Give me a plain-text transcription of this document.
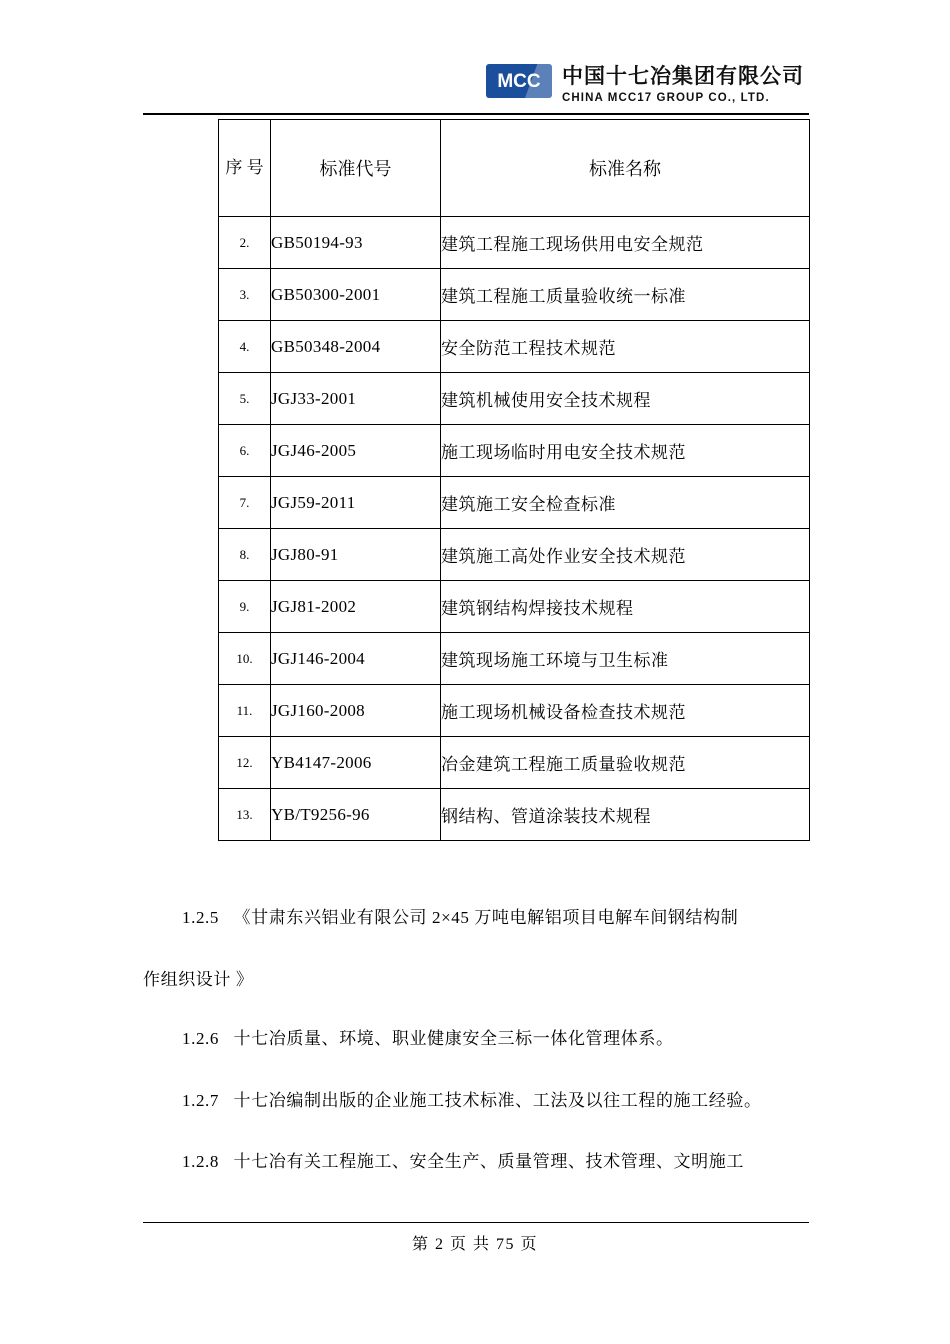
MCC 中国十七冶集团有限公司
CHINA MCC17 GROUP CO., LTD.
序 号	标准代号	标准名称
2.	GB50194-93	建筑工程施工现场供用电安全规范
3.	GB50300-2001	建筑工程施工质量验收统一标准
4.	GB50348-2004	安全防范工程技术规范
5.	JGJ33-2001	建筑机械使用安全技术规程
6.	JGJ46-2005	施工现场临时用电安全技术规范
7.	JGJ59-2011	建筑施工安全检查标准
8.	JGJ80-91	建筑施工高处作业安全技术规范
9.	JGJ81-2002	建筑钢结构焊接技术规程
10.	JGJ146-2004	建筑现场施工环境与卫生标准
11.	JGJ160-2008	施工现场机械设备检查技术规范
12.	YB4147-2006	冶金建筑工程施工质量验收规范
13.	YB/T9256-96	钢结构、管道涂装技术规程
1.2.5   《甘肃东兴铝业有限公司 2×45 万吨电解铝项目电解车间钢结构制
作组织设计 》
1.2.6   十七冶质量、环境、职业健康安全三标一体化管理体系。
1.2.7   十七冶编制出版的企业施工技术标准、工法及以往工程的施工经验。
1.2.8   十七冶有关工程施工、安全生产、质量管理、技术管理、文明施工
第 2 页 共 75 页
